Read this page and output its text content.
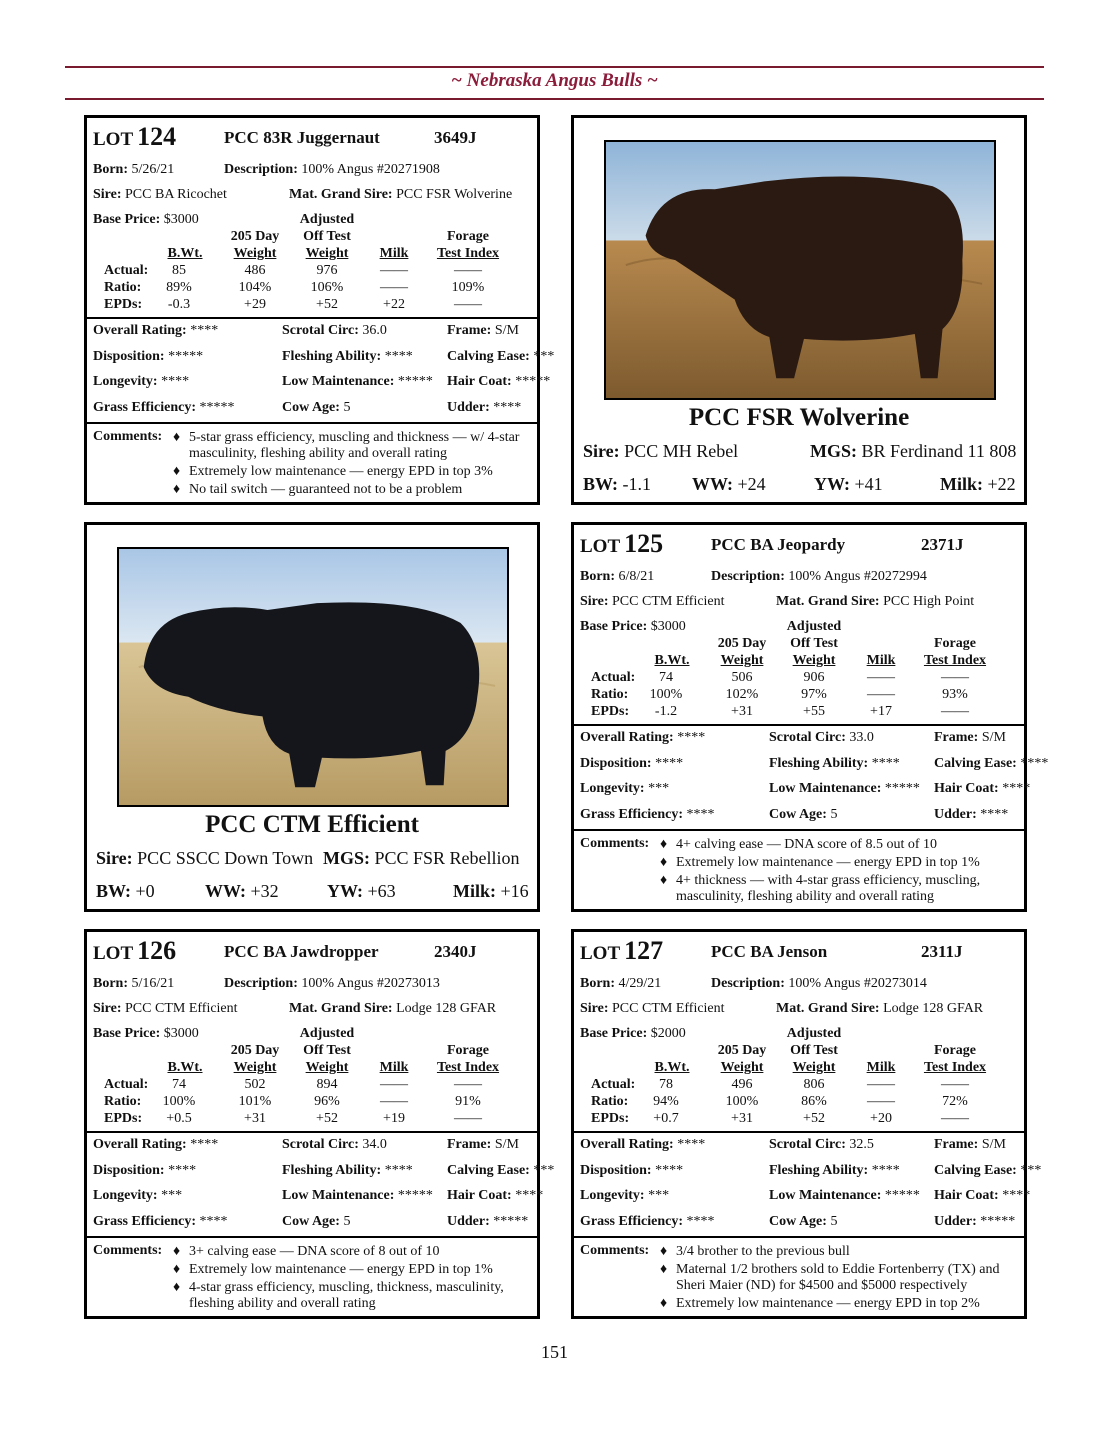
~ Nebraska Angus Bulls ~
LOT 124	PCC 83R Juggernaut	3649J
Born: 5/26/21	Description: 100% Angus #20271908
Sire: PCC BA Ricochet	Mat. Grand Sire: PCC FSR Wolverine
Base Price: $3000	Adjusted
205 Day	Off Test	Forage
B.Wt.	Weight	Weight	Milk	Test Index
Actual:	85	486	976	——	——
Ratio:	89%	104%	106%	——	109%
EPDs:	-0.3	+29	+52	+22	——
Overall Rating: ****	Scrotal Circ: 36.0	Frame: S/M
Disposition: *****	Fleshing Ability: **** Calving Ease: ***
Longevity: ****	Low Maintenance: ***** Hair Coat: *****
Grass Efficiency: *****	Cow Age: 5	Udder: ****
Comments: ♦ 5-star grass efficiency, muscling and thickness — w/ 4-star
masculinity, fleshing ability and overall rating
♦ Extremely low maintenance — energy EPD in top 3%
♦ No tail switch — guaranteed not to be a problem
LOT 125	PCC BA Jeopardy	2371J
Born: 6/8/21	Description: 100% Angus #20272994
Sire: PCC CTM Efficient	Mat. Grand Sire: PCC High Point
Base Price: $3000	Adjusted
205 Day	Off Test	Forage
B.Wt.	Weight	Weight	Milk	Test Index
Actual:	74	506	906	——	——
Ratio:	100%	102%	97%	——	93%
EPDs:	-1.2	+31	+55	+17	——
Overall Rating: ****	Scrotal Circ: 33.0	Frame: S/M
Disposition: ****	Fleshing Ability: **** Calving Ease: ****
Longevity: ***	Low Maintenance: ***** Hair Coat: ****
Grass Efficiency: ****	Cow Age: 5	Udder: ****
Comments: ♦ 4+ calving ease — DNA score of 8.5 out of 10
♦ Extremely low maintenance — energy EPD in top 1%
♦ 4+ thickness — with 4-star grass efficiency, muscling,
masculinity, fleshing ability and overall rating
LOT 126	PCC BA Jawdropper	2340J
Born: 5/16/21	Description: 100% Angus #20273013
Sire: PCC CTM Efficient	Mat. Grand Sire: Lodge 128 GFAR
Base Price: $3000	Adjusted
205 Day	Off Test	Forage
B.Wt.	Weight	Weight	Milk	Test Index
Actual:	74	502	894	——	——
Ratio:	100%	101%	96%	——	91%
EPDs:	+0.5	+31	+52	+19	——
Overall Rating: ****	Scrotal Circ: 34.0	Frame: S/M
Disposition: ****	Fleshing Ability: **** Calving Ease: ***
Longevity: ***	Low Maintenance: ***** Hair Coat: ****
Grass Efficiency: ****	Cow Age: 5	Udder: *****
Comments: ♦ 3+ calving ease — DNA score of 8 out of 10
♦ Extremely low maintenance — energy EPD in top 1%
♦ 4-star grass efficiency, muscling, thickness, masculinity,
fleshing ability and overall rating
LOT 127	PCC BA Jenson	2311J
Born: 4/29/21	Description: 100% Angus #20273014
Sire: PCC CTM Efficient	Mat. Grand Sire: Lodge 128 GFAR
Base Price: $2000	Adjusted
205 Day	Off Test	Forage
B.Wt.	Weight	Weight	Milk	Test Index
Actual:	78	496	806	——	——
Ratio:	94%	100%	86%	——	72%
EPDs:	+0.7	+31	+52	+20	——
Overall Rating: ****	Scrotal Circ: 32.5	Frame: S/M
Disposition: ****	Fleshing Ability: **** Calving Ease: ***
Longevity: ***	Low Maintenance: ***** Hair Coat: ****
Grass Efficiency: ****	Cow Age: 5	Udder: *****
Comments: ♦ 3/4 brother to the previous bull
♦ Maternal 1/2 brothers sold to Eddie Fortenberry (TX) and
Sheri Maier (ND) for $4500 and $5000 respectively
♦ Extremely low maintenance — energy EPD in top 2%
PCC FSR Wolverine
Sire: PCC MH Rebel	MGS: BR Ferdinand 11 808
BW: -1.1 WW: +24	YW: +41	Milk: +22
PCC CTM Efficient
Sire: PCC SSCC Down Town MGS: PCC FSR Rebellion
BW: +0	WW: +32	YW: +63	Milk: +16
151
